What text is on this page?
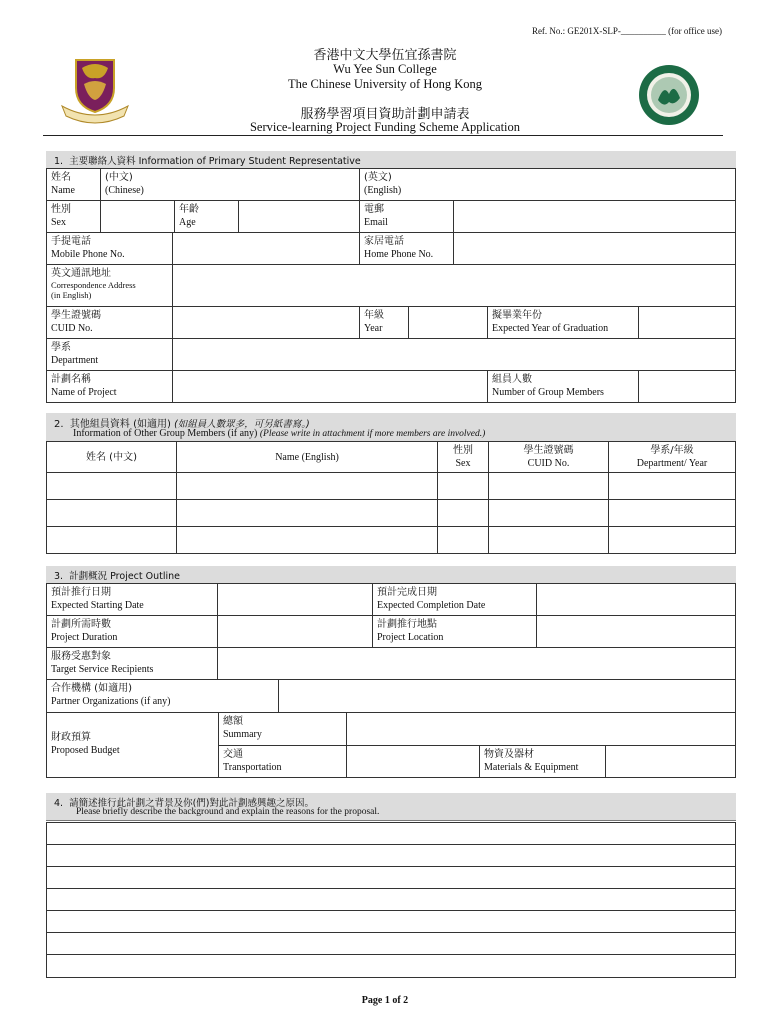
Ref. No.: GE201X-SLP-__________ (for office use)
香港中文大學伍宜孫書院
Wu Yee Sun College
The Chinese University of Hong Kong
服務學習項目資助計劃申請表
Service-learning Project Funding Scheme Application
1.  主要聯絡人資料 Information of Primary Student Representative
姓名
Name
(中文)
(Chinese)
(英文)
(English)
性別
Sex
年齡
Age
電郵
Email
手提電話
Mobile Phone No.
家居電話
Home Phone No.
英文通訊地址
Correspondence Address
(in English)
學生證號碼
CUID No.
年級
Year
擬畢業年份
Expected Year of Graduation
學系
Department
計劃名稱
Name of Project
組員人數
Number of Group Members
2.  其他組員資料 (如適用) (如組員人數眾多，可另紙書寫。)
Information of Other Group Members (if any) (Please write in attachment if more members are involved.)
姓名 (中文)	Name (English)
性別
Sex
學生證號碼
CUID No.
學系/年級
Department/ Year
3.  計劃概況 Project Outline
預計推行日期
Expected Starting Date
預計完成日期
Expected Completion Date
計劃所需時數
Project Duration
計劃推行地點
Project Location
服務受惠對象
Target Service Recipients
合作機構 (如適用)
Partner Organizations (if any)
財政預算
Proposed Budget
總額
Summary
交通
Transportation
物資及器材
Materials & Equipment
4.  請簡述推行此計劃之背景及你(們)對此計劃感興趣之原因。
Please briefly describe the background and explain the reasons for the proposal.
Page 1 of 2
